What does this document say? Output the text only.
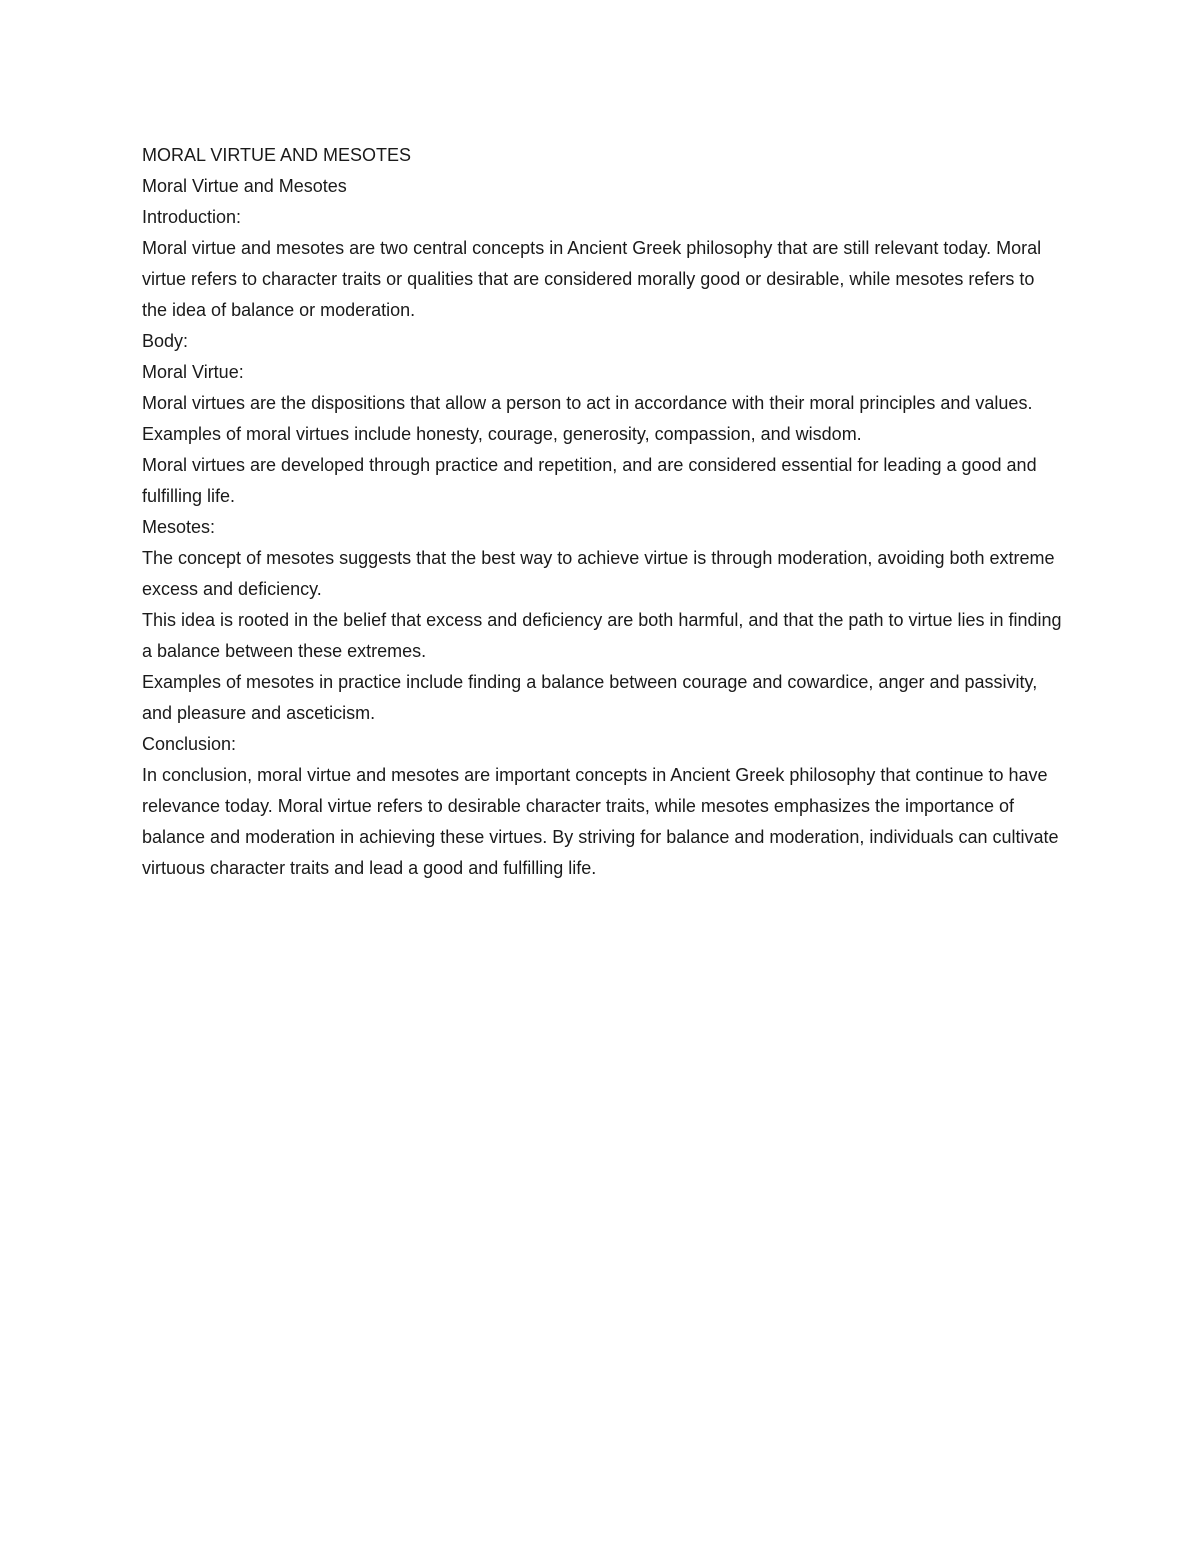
MORAL VIRTUE AND MESOTES

Moral Virtue and Mesotes

Introduction:

Moral virtue and mesotes are two central concepts in Ancient Greek philosophy that are still relevant today. Moral virtue refers to character traits or qualities that are considered morally good or desirable, while mesotes refers to the idea of balance or moderation.

Body:

Moral Virtue:

Moral virtues are the dispositions that allow a person to act in accordance with their moral principles and values.

Examples of moral virtues include honesty, courage, generosity, compassion, and wisdom.

Moral virtues are developed through practice and repetition, and are considered essential for leading a good and fulfilling life.

Mesotes:

The concept of mesotes suggests that the best way to achieve virtue is through moderation, avoiding both extreme excess and deficiency.

This idea is rooted in the belief that excess and deficiency are both harmful, and that the path to virtue lies in finding a balance between these extremes.

Examples of mesotes in practice include finding a balance between courage and cowardice, anger and passivity, and pleasure and asceticism.

Conclusion:

In conclusion, moral virtue and mesotes are important concepts in Ancient Greek philosophy that continue to have relevance today. Moral virtue refers to desirable character traits, while mesotes emphasizes the importance of balance and moderation in achieving these virtues. By striving for balance and moderation, individuals can cultivate virtuous character traits and lead a good and fulfilling life.
